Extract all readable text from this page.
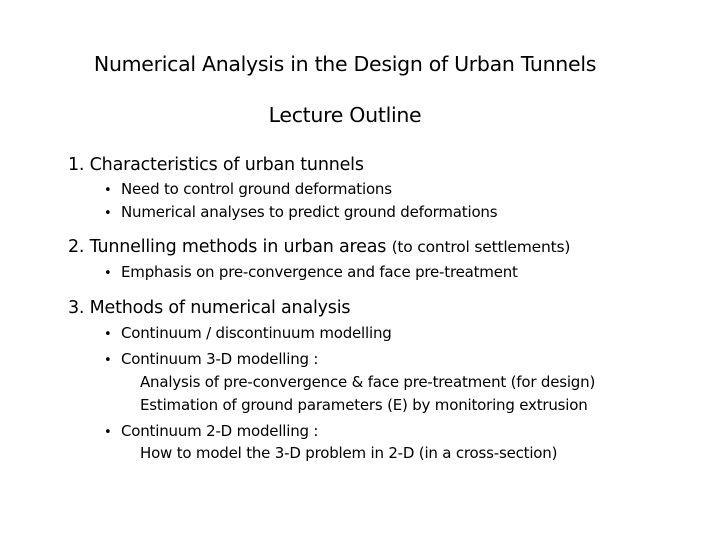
Numerical Analysis in the Design of Urban Tunnels
Lecture Outline
1. Characteristics of urban tunnels
• Need to control ground deformations
• Numerical analyses to predict ground deformations
2. Tunnelling methods in urban areas (to control settlements)
• Emphasis on pre-convergence and face pre-treatment
3. Methods of numerical analysis
• Continuum / discontinuum modelling
• Continuum 3-D modelling :
Analysis of pre-convergence & face pre-treatment (for design)
Estimation of ground parameters (E) by monitoring extrusion
• Continuum 2-D modelling :
How to model the 3-D problem in 2-D (in a cross-section)
